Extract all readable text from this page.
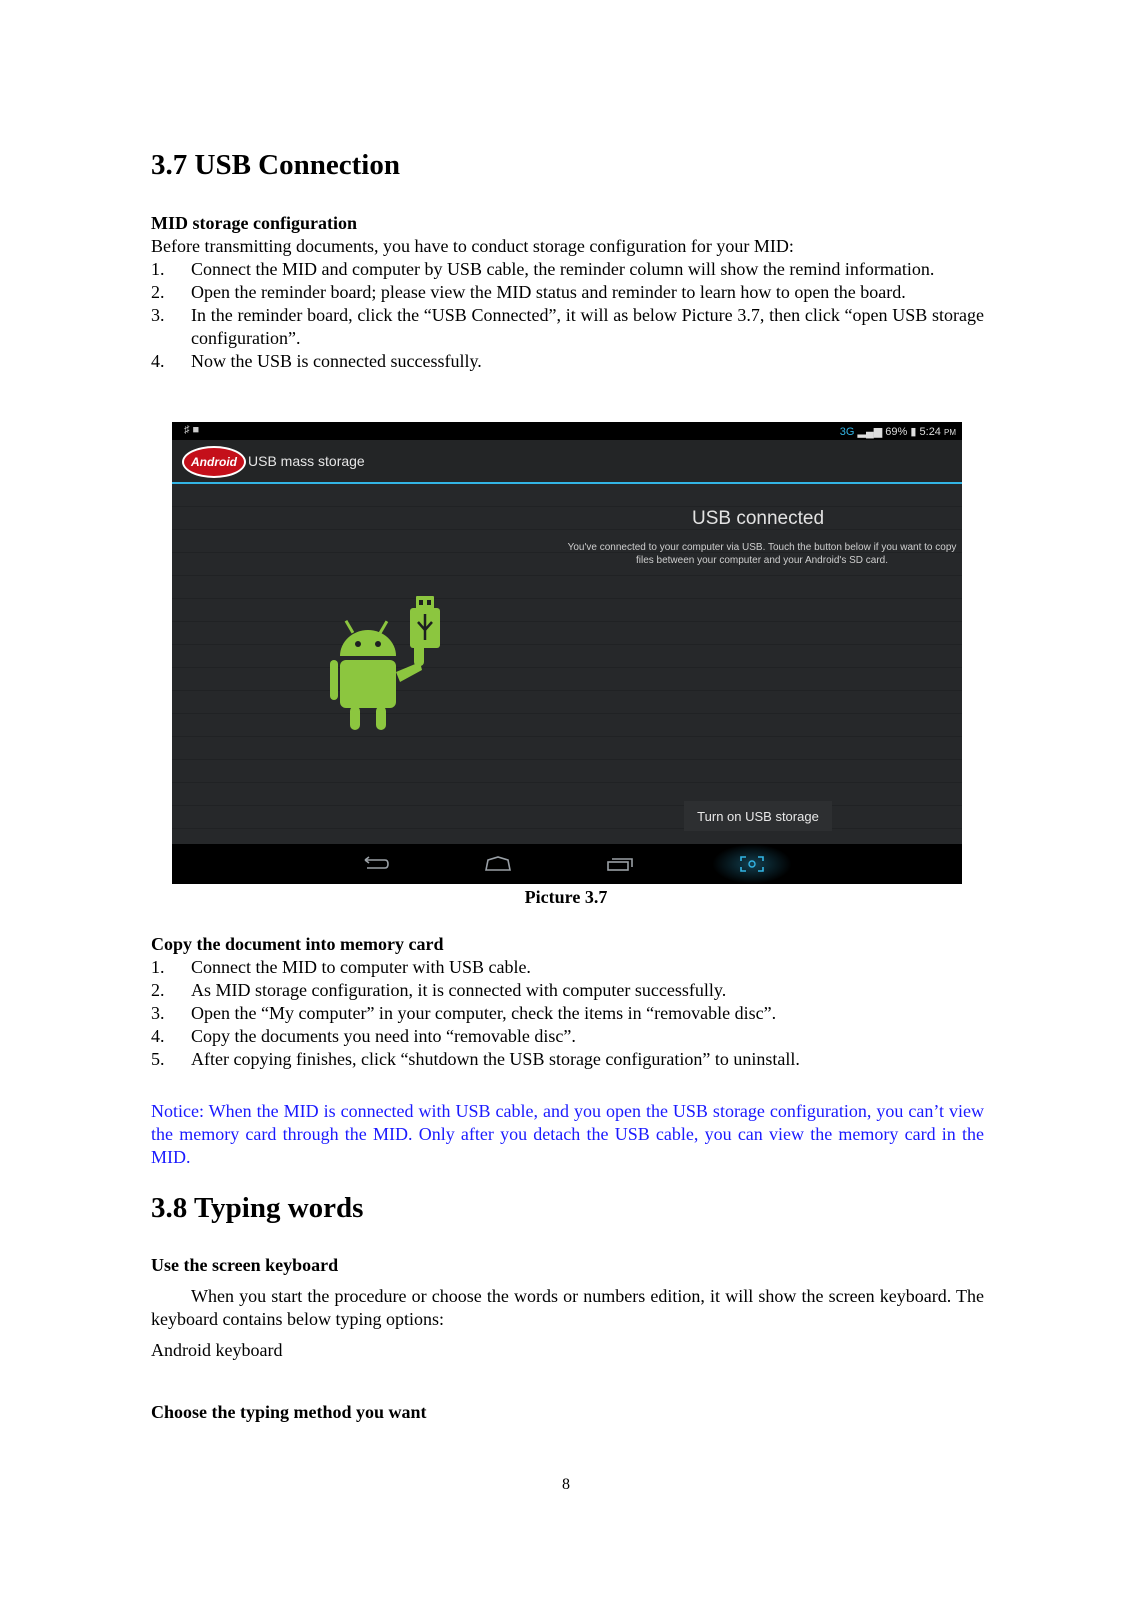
3.7 USB Connection
MID storage configuration

Before transmitting documents, you have to conduct storage configuration for your MID:

1.	Connect the MID and computer by USB cable, the reminder column will show the remind information.
2.	Open the reminder board; please view the MID status and reminder to learn how to open the board.
3.	In the reminder board, click the “USB Connected”, it will as below Picture 3.7, then click “open USB storage configuration”.
4.	Now the USB is connected successfully.
♯ ■	3G ▂▄▆ 69% ▮ 5:24 PM
Android USB mass storage
USB connected
You've connected to your computer via USB. Touch the button below if you want to copy files between your computer and your Android's SD card.
Turn on USB storage
Picture 3.7
Copy the document into memory card
1.	Connect the MID to computer with USB cable.
2.	As MID storage configuration, it is connected with computer successfully.
3.	Open the “My computer” in your computer, check the items in “removable disc”.
4.	Copy the documents you need into “removable disc”.
5.	After copying finishes, click “shutdown the USB storage configuration” to uninstall.

Notice: When the MID is connected with USB cable, and you open the USB storage configuration, you can’t view the memory card through the MID. Only after you detach the USB cable, you can view the memory card in the MID.

3.8 Typing words
Use the screen keyboard

When you start the procedure or choose the words or numbers edition, it will show the screen keyboard. The keyboard contains below typing options:

Android keyboard

Choose the typing method you want
8
